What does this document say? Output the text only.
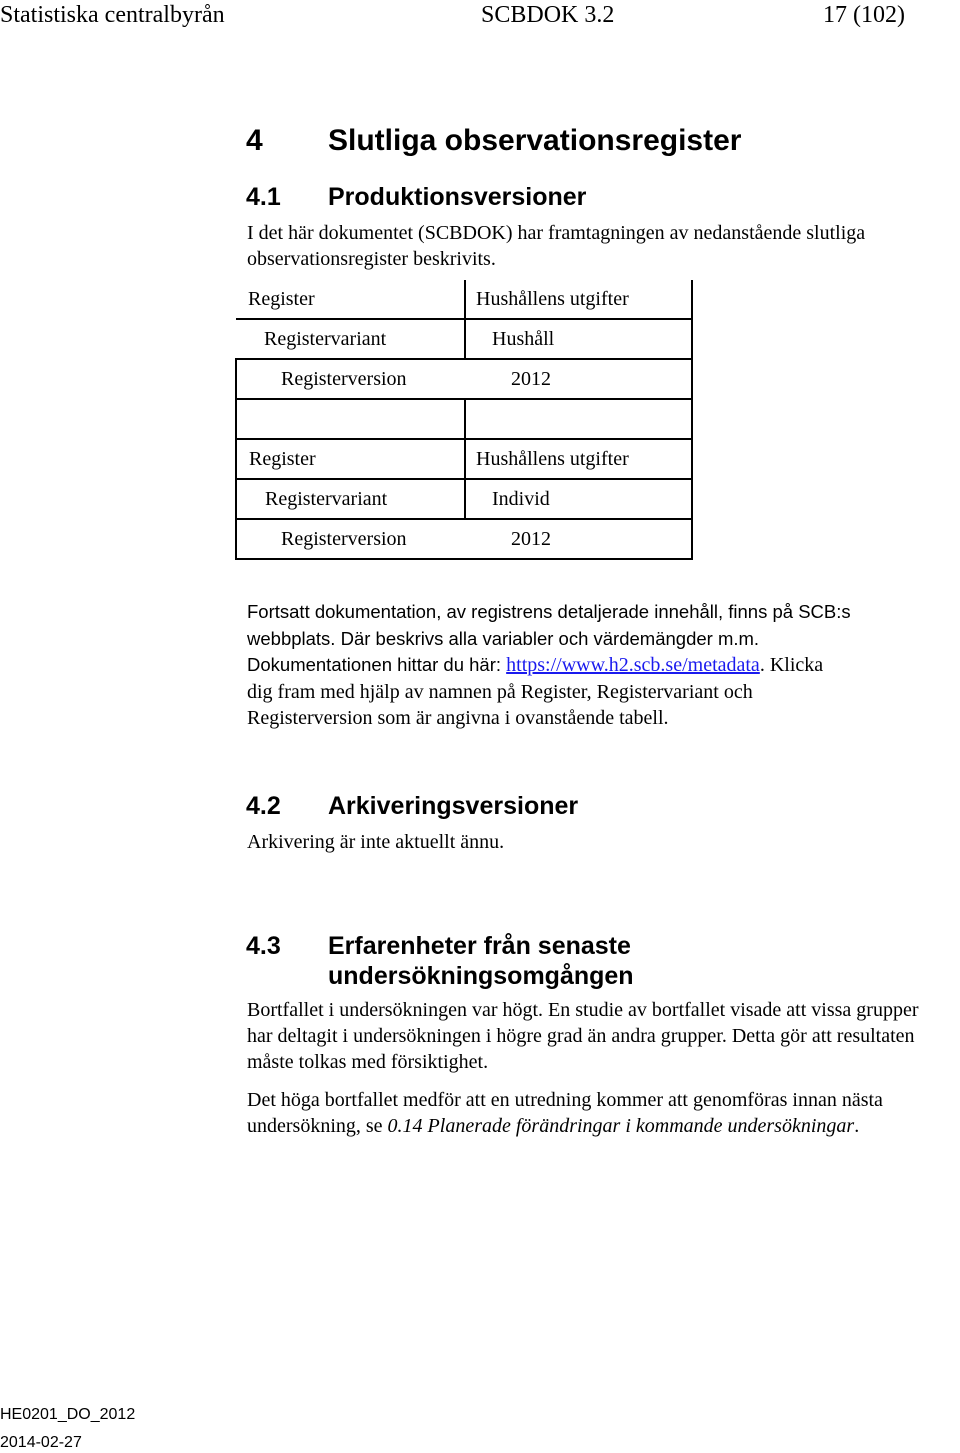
Statistiska centralbyrån	SCBDOK 3.2	17 (102)
4 Slutliga observationsregister
4.1 Produktionsversioner
I det här dokumentet (SCBDOK) har framtagningen av nedanstående slutliga observationsregister beskrivits.
Register	Hushållens utgifter
Registervariant	Hushåll
Registerversion	2012

Register	Hushållens utgifter
Registervariant	Individ
Registerversion	2012
Fortsatt dokumentation, av registrens detaljerade innehåll, finns på SCB:s
webbplats. Där beskrivs alla variabler och värdemängder m.m.
Dokumentationen hittar du här: https://www.h2.scb.se/metadata. Klicka
dig fram med hjälp av namnen på Register, Registervariant och
Registerversion som är angivna i ovanstående tabell.
4.2 Arkiveringsversioner
Arkivering är inte aktuellt ännu.
4.3 Erfarenheter från senaste
undersökningsomgången
Bortfallet i undersökningen var högt. En studie av bortfallet visade att vissa grupper har deltagit i undersökningen i högre grad än andra grupper. Detta gör att resultaten måste tolkas med försiktighet.
Det höga bortfallet medför att en utredning kommer att genomföras innan nästa undersökning, se 0.14 Planerade förändringar i kommande undersökningar.
HE0201_DO_2012
2014-02-27
